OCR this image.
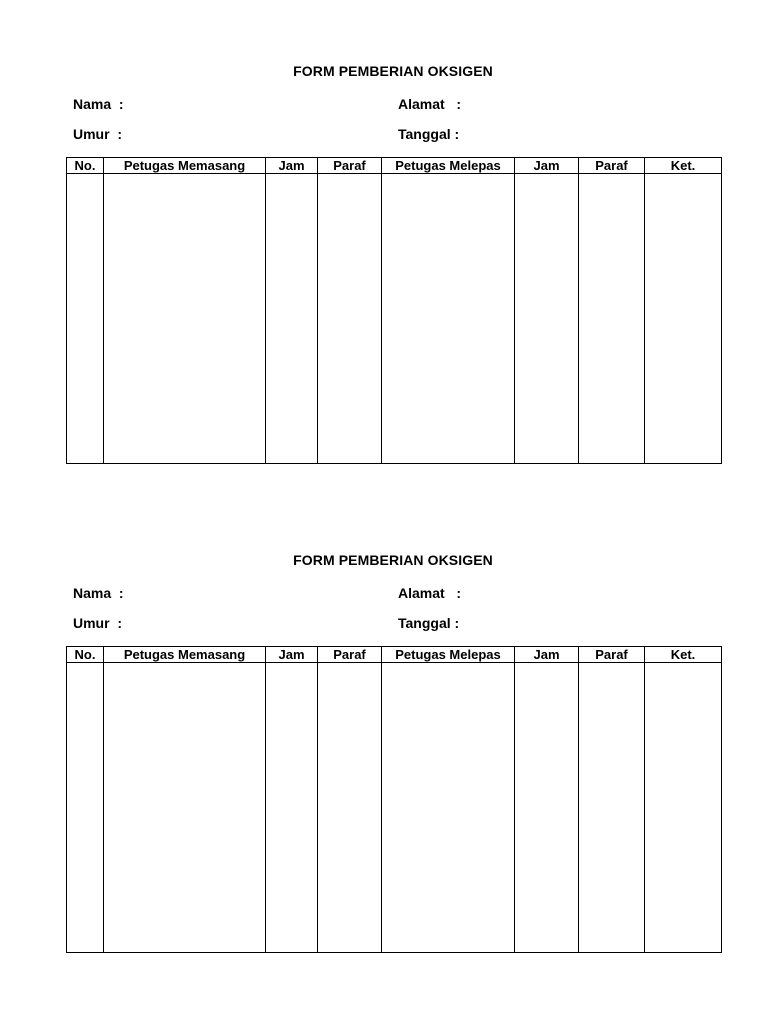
FORM PEMBERIAN OKSIGEN
Nama  :
Umur  :
Alamat   :
Tanggal :
No.	Petugas Memasang	Jam	Paraf	Petugas Melepas	Jam	Paraf	Ket.

FORM PEMBERIAN OKSIGEN
Nama  :
Umur  :
Alamat   :
Tanggal :
No.	Petugas Memasang	Jam	Paraf	Petugas Melepas	Jam	Paraf	Ket.
